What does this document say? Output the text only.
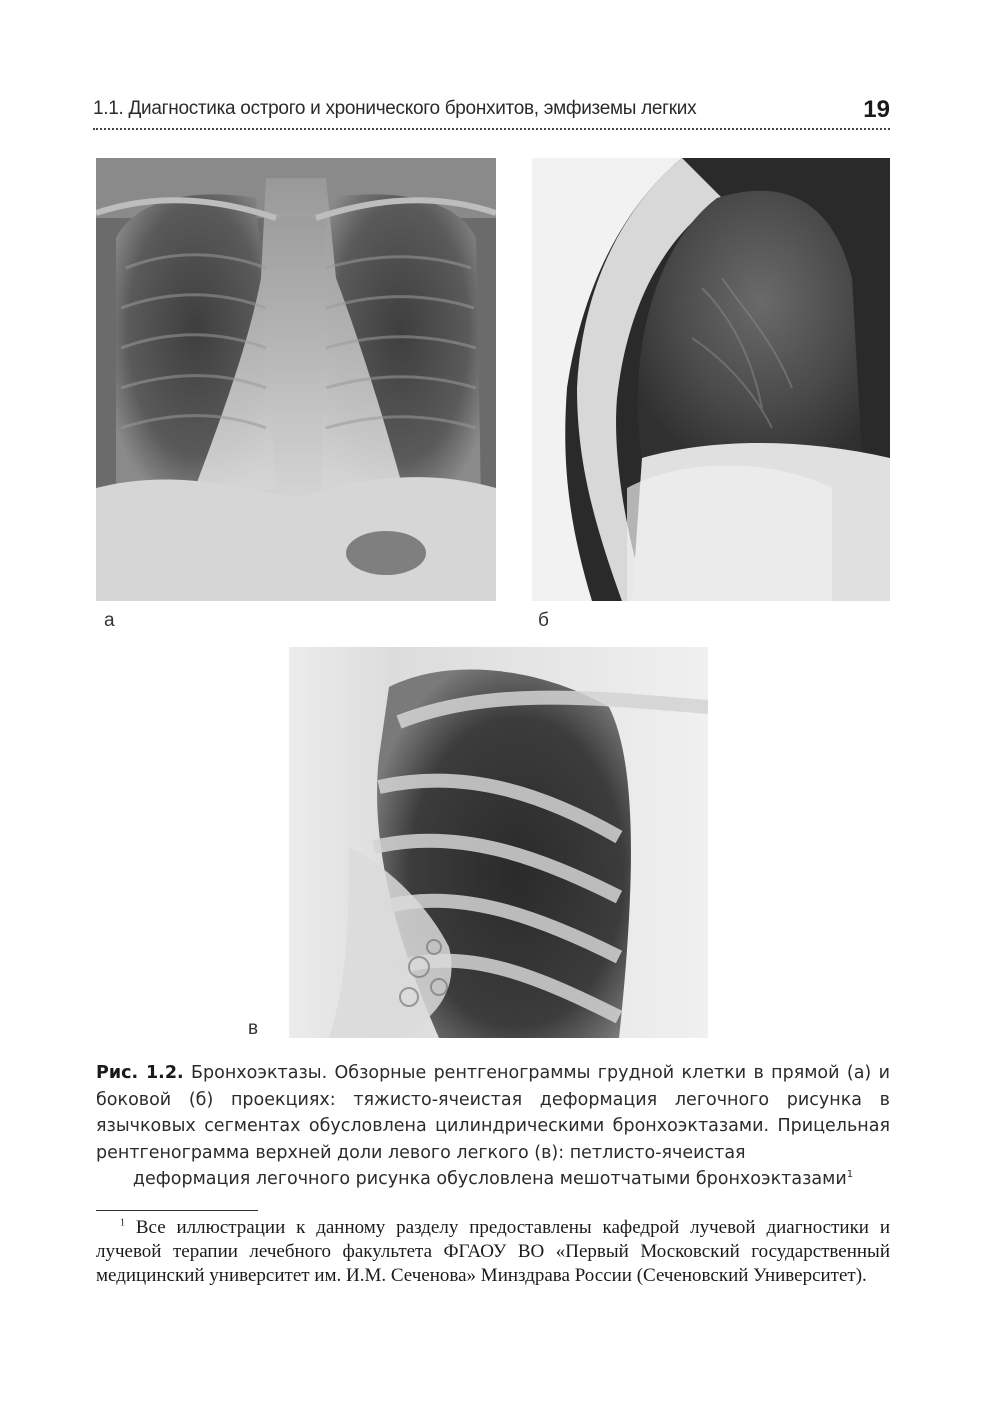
1.1. Диагностика острого и хронического бронхитов, эмфиземы легких	19
а	б
в
Рис. 1.2. Бронхоэктазы. Обзорные рентгенограммы грудной клетки в прямой (а) и боковой (б) проекциях: тяжисто-ячеистая деформация легочного рисунка в язычковых сегментах обусловлена цилиндрическими бронхоэктазами. Прицельная рентгенограмма верхней доли левого легкого (в): петлисто-ячеистая
деформация легочного рисунка обусловлена мешотчатыми бронхоэктазами$^1$
$^1$ Все иллюстрации к данному разделу предоставлены кафедрой лучевой диагностики и лучевой терапии лечебного факультета ФГАОУ ВО «Первый Московский государственный медицинский университет им. И.М. Сеченова» Минздрава России (Сеченовский Университет).
